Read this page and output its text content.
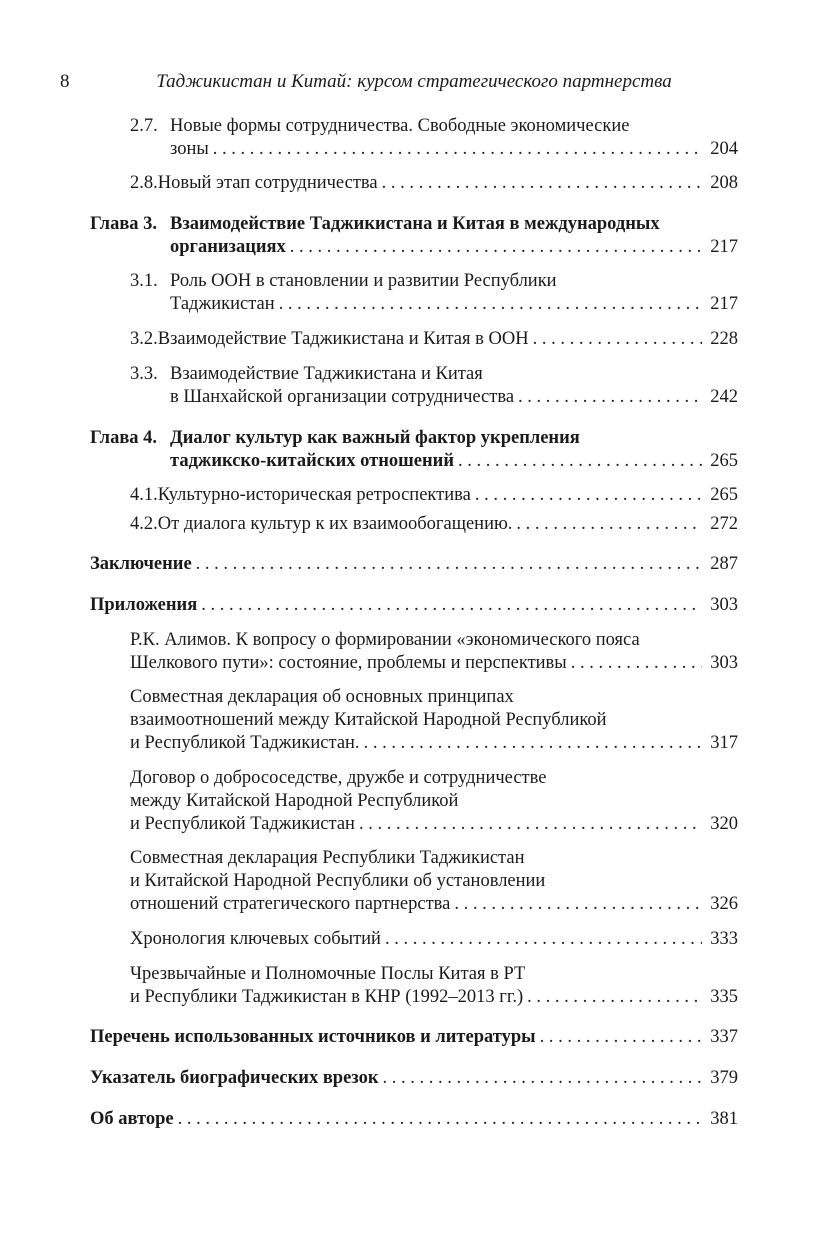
8	Таджикистан и Китай: курсом стратегического партнерства
2.7. Новые формы сотрудничества. Свободные экономические
зоны . . .	204
2.8. Новый этап сотрудничества . . .	208
Глава 3. Взаимодействие Таджикистана и Китая в международных
организациях . . .	217
3.1. Роль ООН в становлении и развитии Республики
Таджикистан . . .	217
3.2. Взаимодействие Таджикистана и Китая в ООН . . .	228
3.3. Взаимодействие Таджикистана и Китая
в Шанхайской организации сотрудничества . . .	242
Глава 4. Диалог культур как важный фактор укрепления
таджикско-китайских отношений . . .	265
4.1. Культурно-историческая ретроспектива . . .	265
4.2. От диалога культур к их взаимообогащению. . . .	272
Заключение . . .	287
Приложения . . .	303
Р.К. Алимов. К вопросу о формировании «экономического пояса
Шелкового пути»: состояние, проблемы и перспективы . . .	303
Совместная декларация об основных принципах
взаимоотношений между Китайской Народной Республикой
и Республикой Таджикистан. . . .	317
Договор о добрососедстве, дружбе и сотрудничестве
между Китайской Народной Республикой
и Республикой Таджикистан . . .	320
Совместная декларация Республики Таджикистан
и Китайской Народной Республики об установлении
отношений стратегического партнерства . . .	326
Хронология ключевых событий . . .	333
Чрезвычайные и Полномочные Послы Китая в РТ
и Республики Таджикистан в КНР (1992–2013 гг.) . . .	335
Перечень использованных источников и литературы . . .	337
Указатель биографических врезок . . .	379
Об авторе . . .	381
